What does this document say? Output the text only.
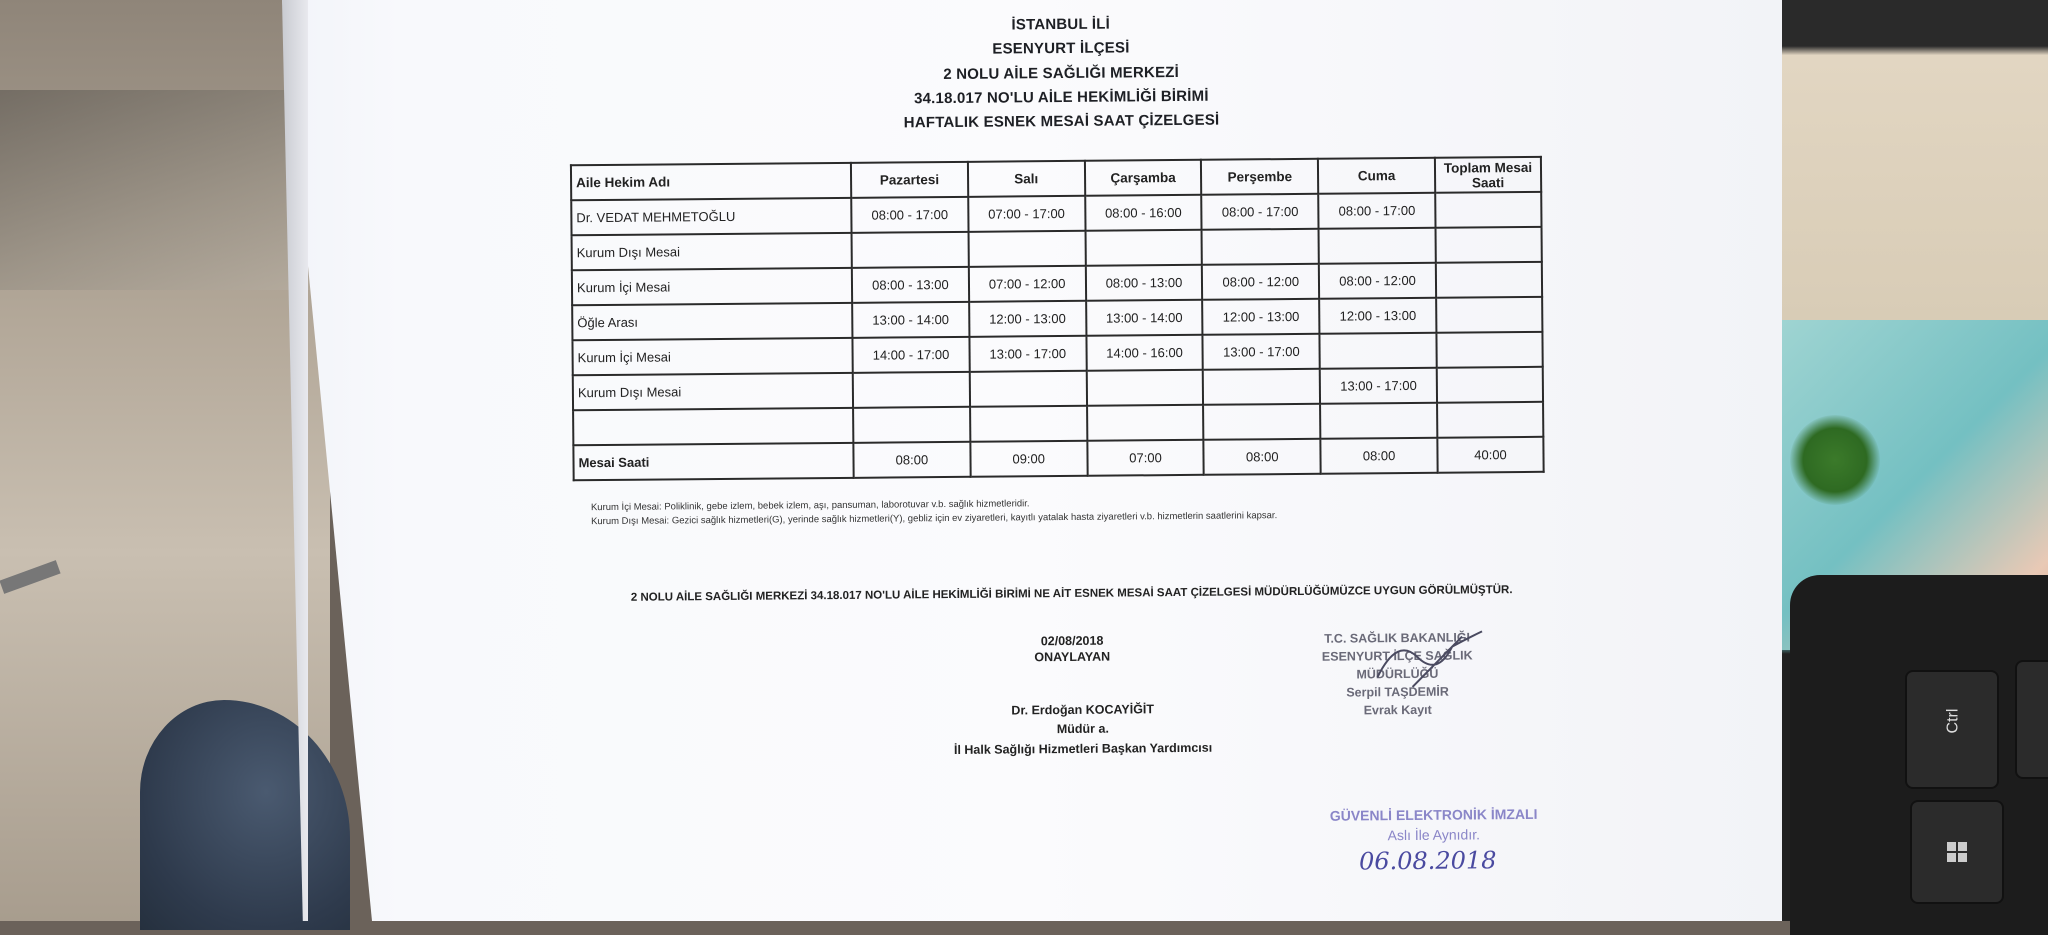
Ctrl
İSTANBUL İLİ
ESENYURT İLÇESİ
2 NOLU AİLE SAĞLIĞI MERKEZİ
34.18.017 NO'LU AİLE HEKİMLİĞİ BİRİMİ
HAFTALIK ESNEK MESAİ SAAT ÇİZELGESİ
Aile Hekim Adı	Pazartesi	Salı	Çarşamba	Perşembe	Cuma	Toplam Mesai Saati
Dr. VEDAT MEHMETOĞLU	08:00 - 17:00	07:00 - 17:00	08:00 - 16:00	08:00 - 17:00	08:00 - 17:00	
Kurum Dışı Mesai						
Kurum İçi Mesai	08:00 - 13:00	07:00 - 12:00	08:00 - 13:00	08:00 - 12:00	08:00 - 12:00	
Öğle Arası	13:00 - 14:00	12:00 - 13:00	13:00 - 14:00	12:00 - 13:00	12:00 - 13:00	
Kurum İçi Mesai	14:00 - 17:00	13:00 - 17:00	14:00 - 16:00	13:00 - 17:00		
Kurum Dışı Mesai					13:00 - 17:00	

Mesai Saati	08:00	09:00	07:00	08:00	08:00	40:00
Kurum İçi Mesai: Poliklinik, gebe izlem, bebek izlem, aşı, pansuman, laborotuvar v.b. sağlık hizmetleridir.
Kurum Dışı Mesai: Gezici sağlık hizmetleri(G), yerinde sağlık hizmetleri(Y), gebliz için ev ziyaretleri, kayıtlı yatalak hasta ziyaretleri v.b. hizmetlerin saatlerini kapsar.
2 NOLU AİLE SAĞLIĞI MERKEZİ 34.18.017 NO'LU AİLE HEKİMLİĞİ BİRİMİ NE AİT ESNEK MESAİ SAAT ÇİZELGESİ MÜDÜRLÜĞÜMÜZCE UYGUN GÖRÜLMÜŞTÜR.
02/08/2018
ONAYLAYAN
Dr. Erdoğan KOCAYİĞİT
Müdür a.
İl Halk Sağlığı Hizmetleri Başkan Yardımcısı
T.C. SAĞLIK BAKANLIĞI
ESENYURT İLÇE SAĞLIK MÜDÜRLÜĞÜ
Serpil TAŞDEMİR
Evrak Kayıt
GÜVENLİ ELEKTRONİK İMZALI
Aslı İle Aynıdır.
06.08.2018
